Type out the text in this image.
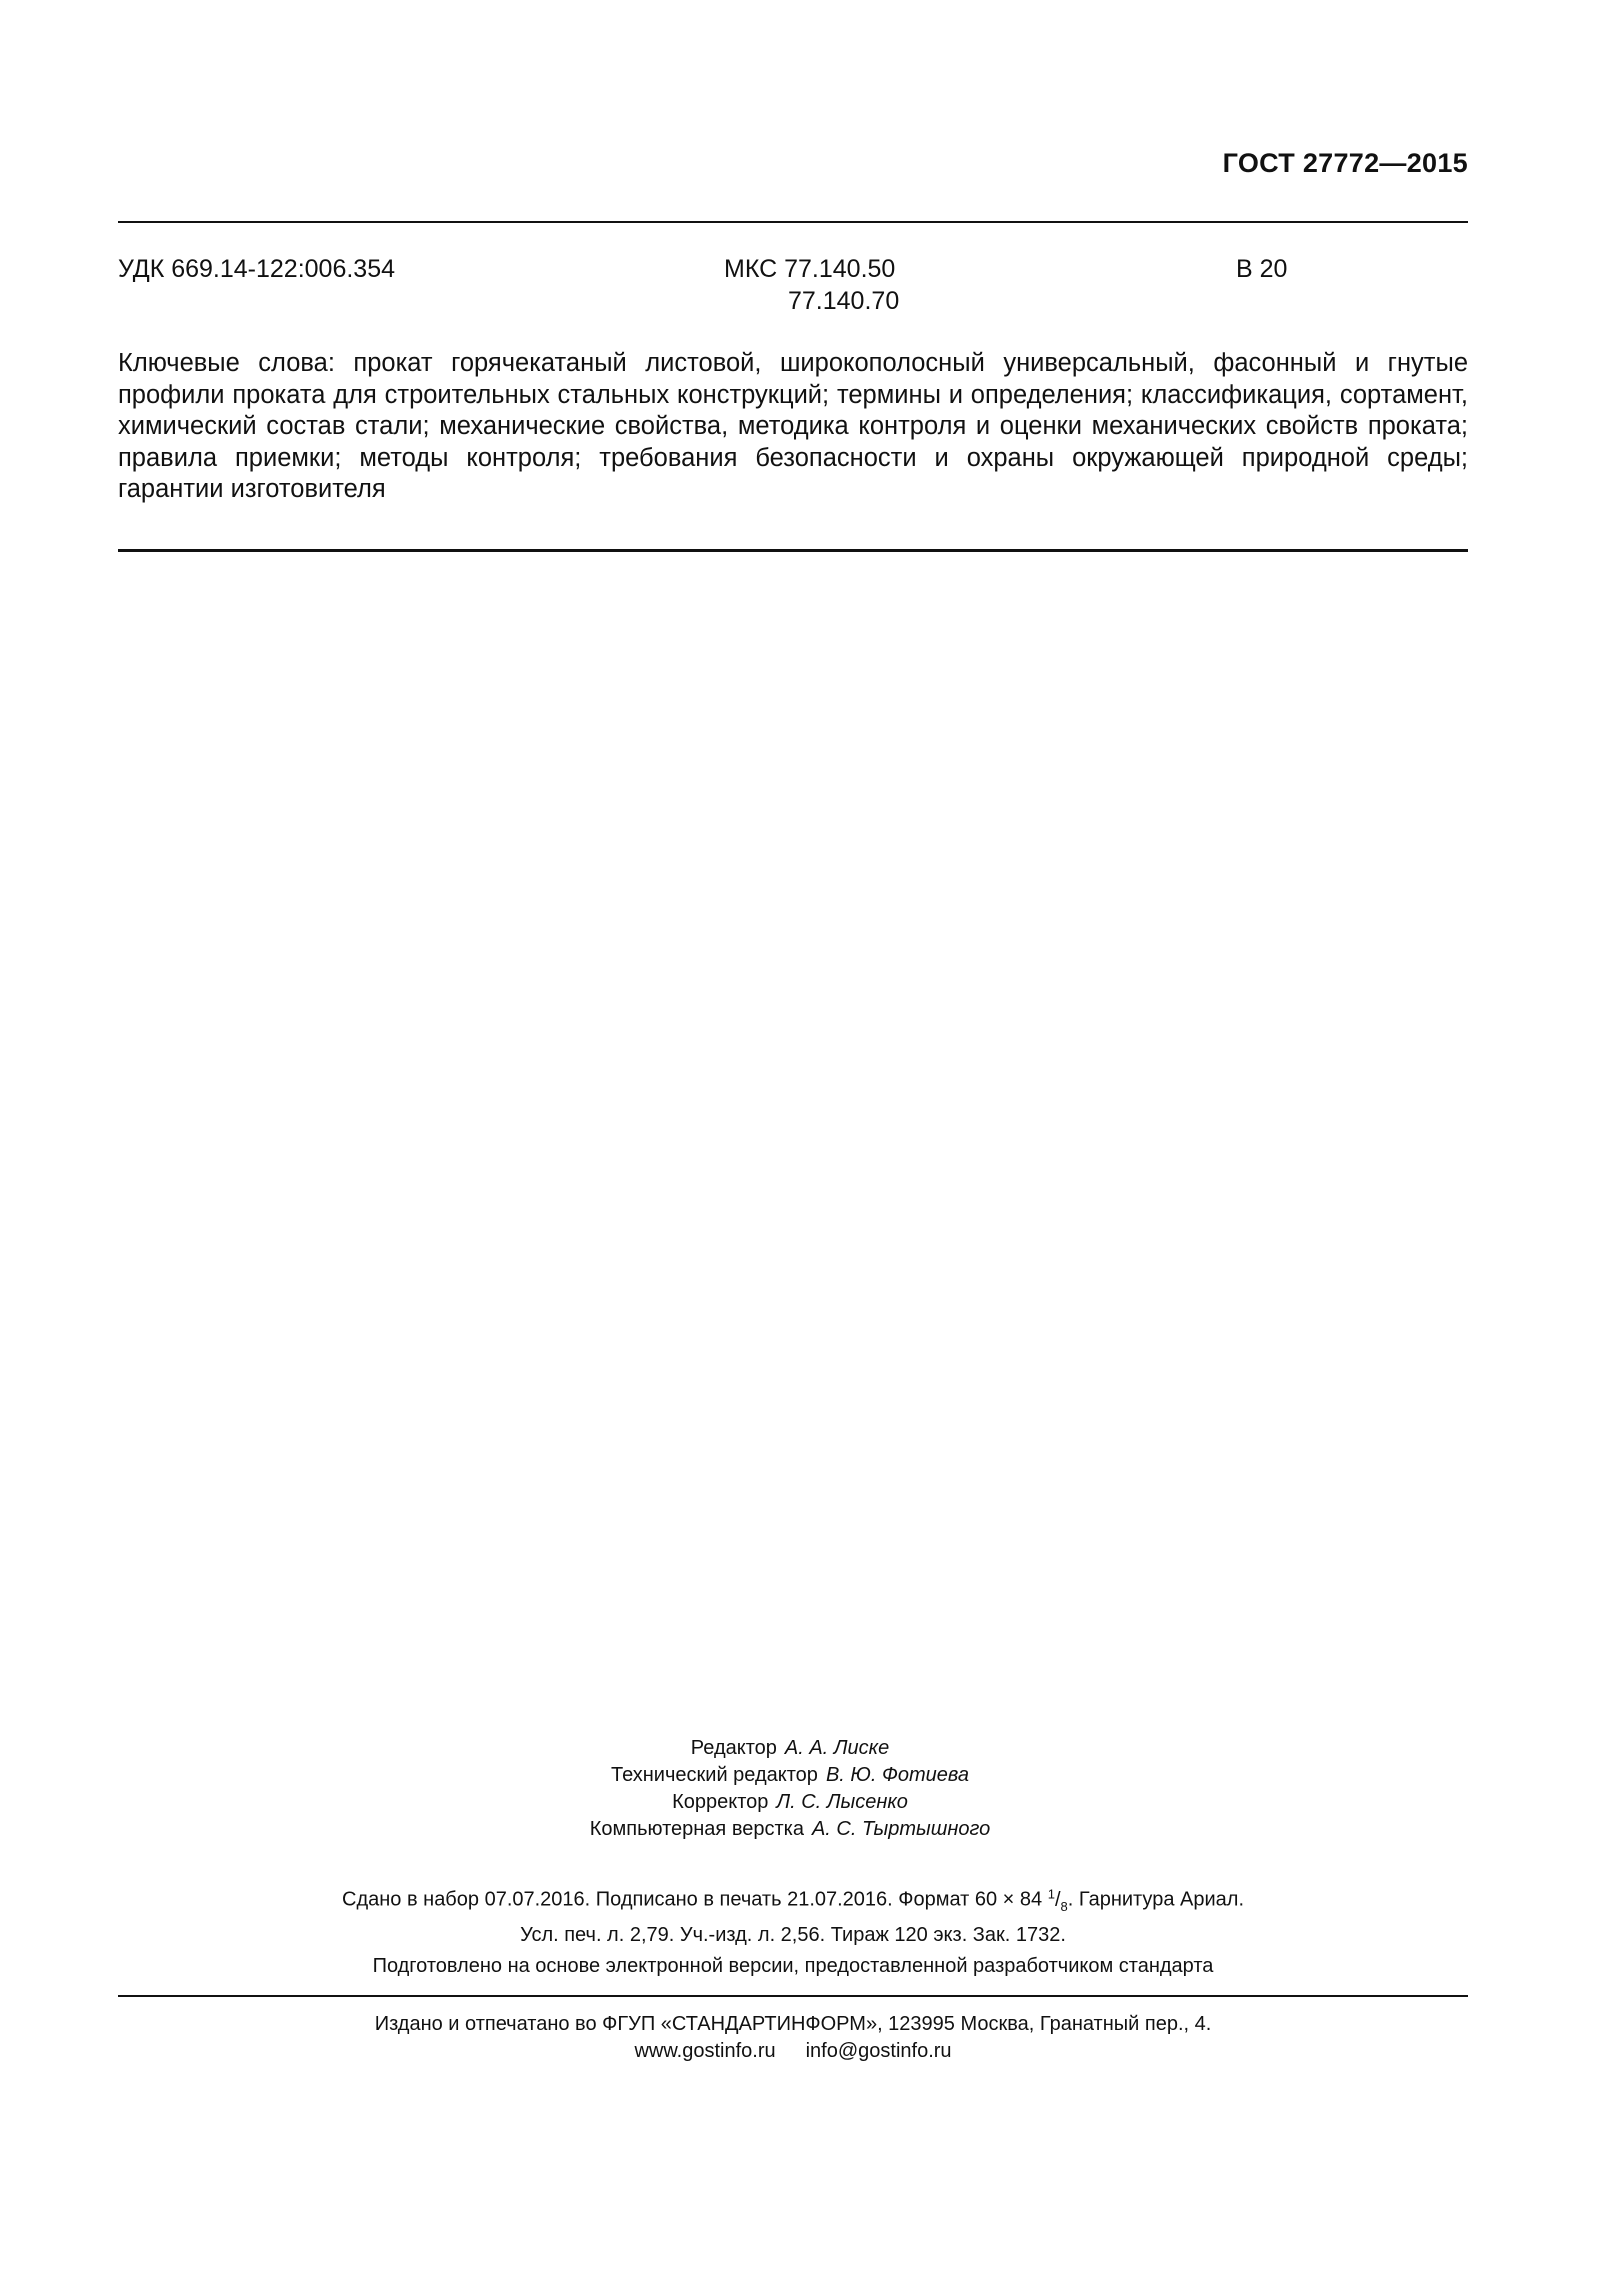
ГОСТ 27772—2015
УДК 669.14-122:006.354	МКС 77.140.50
77.140.70
В 20
Ключевые слова: прокат горячекатаный листовой, широкополосный универсальный, фасонный и гнутые профили проката для строительных стальных конструкций; термины и определения; классификация, сортамент, химический состав стали; механические свойства, методика контроля и оценки механических свойств проката; правила приемки; методы контроля; требования безопасности и охраны окружающей природной среды; гарантии изготовителя
Редактор А. А. Лиске
Технический редактор В. Ю. Фотиева
Корректор Л. С. Лысенко
Компьютерная верстка А. С. Тыртышного
Сдано в набор 07.07.2016. Подписано в печать 21.07.2016. Формат 60 × 84 $^1/_8$. Гарнитура Ариал.
Усл. печ. л. 2,79. Уч.-изд. л. 2,56. Тираж 120 экз. Зак. 1732.
Подготовлено на основе электронной версии, предоставленной разработчиком стандарта
Издано и отпечатано во ФГУП «СТАНДАРТИНФОРМ», 123995 Москва, Гранатный пер., 4.
www.gostinfo.ru info@gostinfo.ru
